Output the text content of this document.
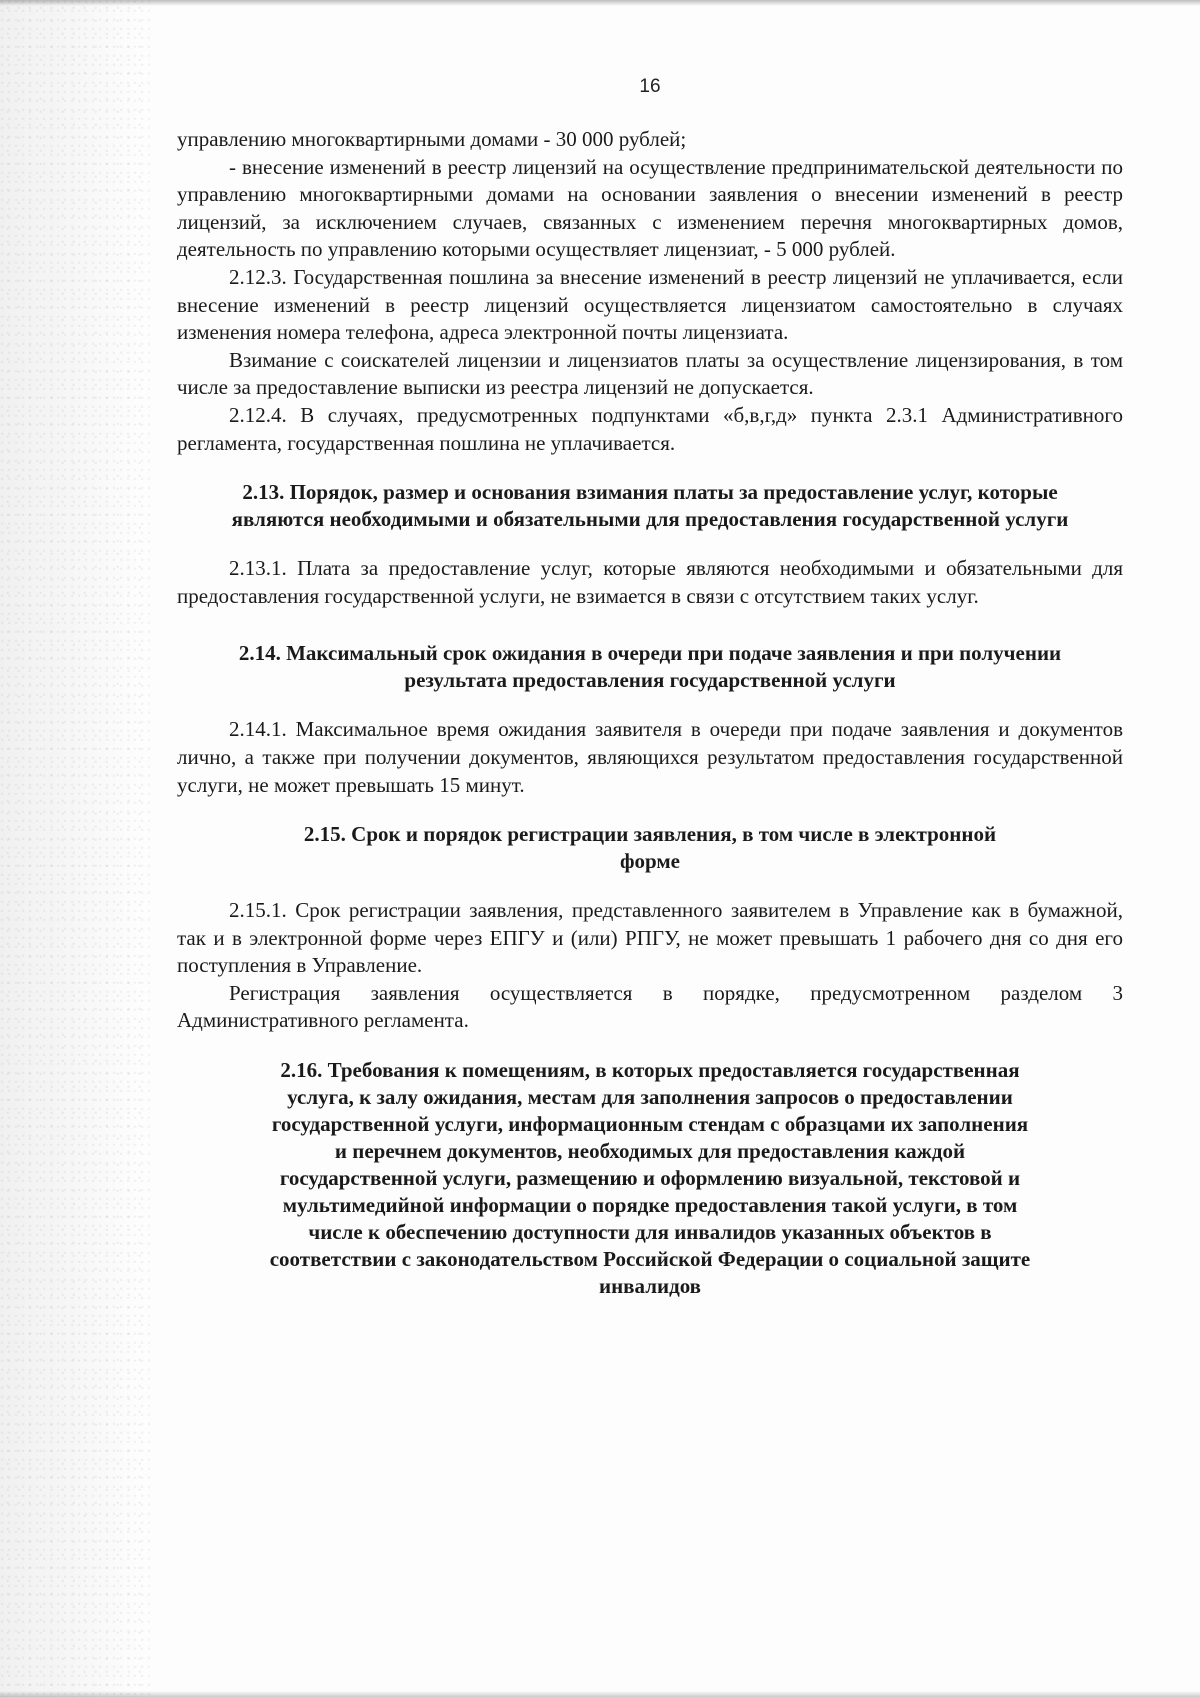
16

управлению многоквартирными домами - 30 000 рублей;

- внесение изменений в реестр лицензий на осуществление предпринимательской деятельности по управлению многоквартирными домами на основании заявления о внесении изменений в реестр лицензий, за исключением случаев, связанных с изменением перечня многоквартирных домов, деятельность по управлению которыми осуществляет лицензиат, - 5 000 рублей.

2.12.3. Государственная пошлина за внесение изменений в реестр лицензий не уплачивается, если внесение изменений в реестр лицензий осуществляется лицензиатом самостоятельно в случаях изменения номера телефона, адреса электронной почты лицензиата.

Взимание с соискателей лицензии и лицензиатов платы за осуществление лицензирования, в том числе за предоставление выписки из реестра лицензий не допускается.

2.12.4. В случаях, предусмотренных подпунктами «б,в,г,д» пункта 2.3.1 Административного регламента, государственная пошлина не уплачивается.

2.13. Порядок, размер и основания взимания платы за предоставление услуг, которые являются необходимыми и обязательными для предоставления государственной услуги

2.13.1. Плата за предоставление услуг, которые являются необходимыми и обязательными для предоставления государственной услуги, не взимается в связи с отсутствием таких услуг.

2.14. Максимальный срок ожидания в очереди при подаче заявления и при получении результата предоставления государственной услуги

2.14.1. Максимальное время ожидания заявителя в очереди при подаче заявления и документов лично, а также при получении документов, являющихся результатом предоставления государственной услуги, не может превышать 15 минут.

2.15. Срок и порядок регистрации заявления, в том числе в электронной форме

2.15.1. Срок регистрации заявления, представленного заявителем в Управление как в бумажной, так и в электронной форме через ЕПГУ и (или) РПГУ, не может превышать 1 рабочего дня со дня его поступления в Управление.

Регистрация заявления осуществляется в порядке, предусмотренном разделом 3 Административного регламента.

2.16. Требования к помещениям, в которых предоставляется государственная услуга, к залу ожидания, местам для заполнения запросов о предоставлении государственной услуги, информационным стендам с образцами их заполнения и перечнем документов, необходимых для предоставления каждой государственной услуги, размещению и оформлению визуальной, текстовой и мультимедийной информации о порядке предоставления такой услуги, в том числе к обеспечению доступности для инвалидов указанных объектов в соответствии с законодательством Российской Федерации о социальной защите инвалидов
